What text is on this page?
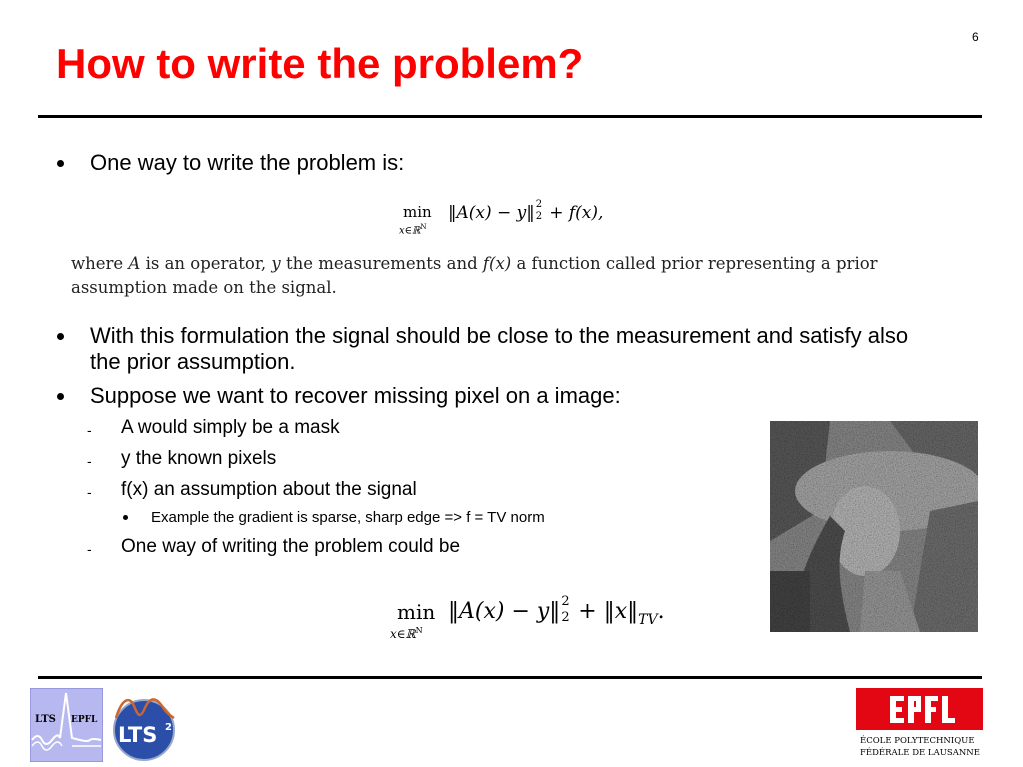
6
How to write the problem?
One way to write the problem is:
min
x∈ℝ$^N$
‖A(x) − y‖ 2
2 + f(x),
where A is an operator, y the measurements and f(x) a function called prior representing a prior assumption made on the signal.
With this formulation the signal should be close to the measurement and satisfy also the prior assumption.
Suppose we want to recover missing pixel on a image:
- A would simply be a mask
- y the known pixels
- f(x) an assumption about the signal
Example the gradient is sparse, sharp edge => f = TV norm
- One way of writing the problem could be
min
x∈ℝ$^N$
‖A(x) − y‖ 2
$2 + ‖x‖_{TV}$.
LTS EPFL
LTS 2
ÉCOLE POLYTECHNIQUE
FÉDÉRALE DE LAUSANNE
